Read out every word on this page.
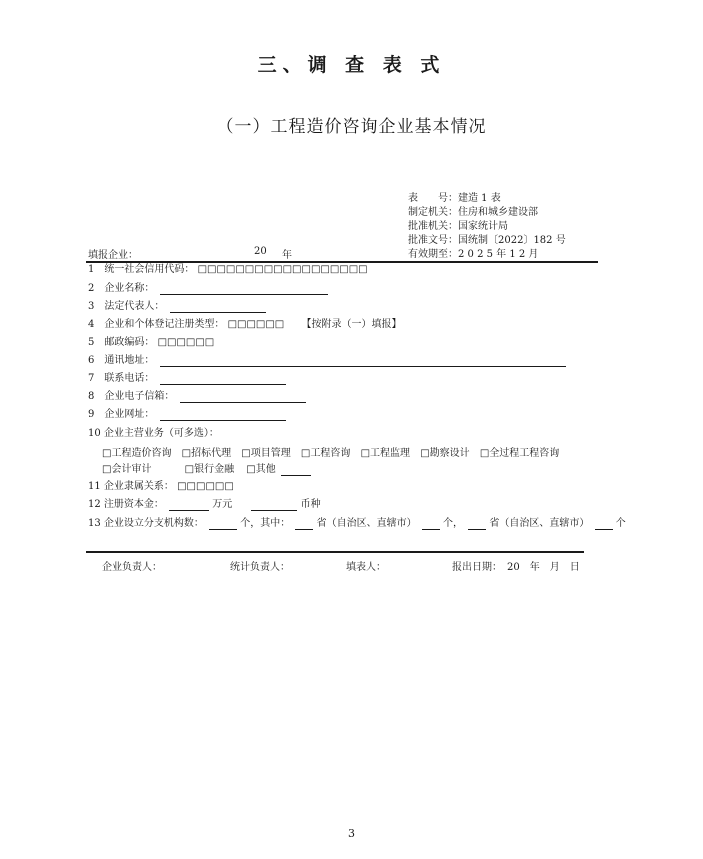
三、调 查 表 式
（一）工程造价咨询企业基本情况
表　　号：建造 1 表
制定机关：住房和城乡建设部
批准机关：国家统计局
批准文号：国统制〔2022〕182 号
有效期至：2 0 2 5 年 1 2 月
填报企业：	20 年
1　统一社会信用代码： □□□□□□□□□□□□□□□□□□
2　企业名称：
3　法定代表人：
4　企业和个体登记注册类型： □□□□□□ 【按附录（一）填报】
5　邮政编码： □□□□□□
6　通讯地址：
7　联系电话：
8　企业电子信箱：
9　企业网址：
10 企业主营业务（可多选）：
□工程造价咨询 □招标代理 □项目管理 □工程咨询 □工程监理 □勘察设计 □全过程工程咨询
□会计审计	□银行金融 □其他
11 企业隶属关系： □□□□□□
12 注册资本金：	万元	币种
13 企业设立分支机构数：	个，其中：	省（自治区、直辖市）	个，	省（自治区、直辖市）	个
企业负责人：	统计负责人：	填表人：	报出日期：　20　年　月　日
3
